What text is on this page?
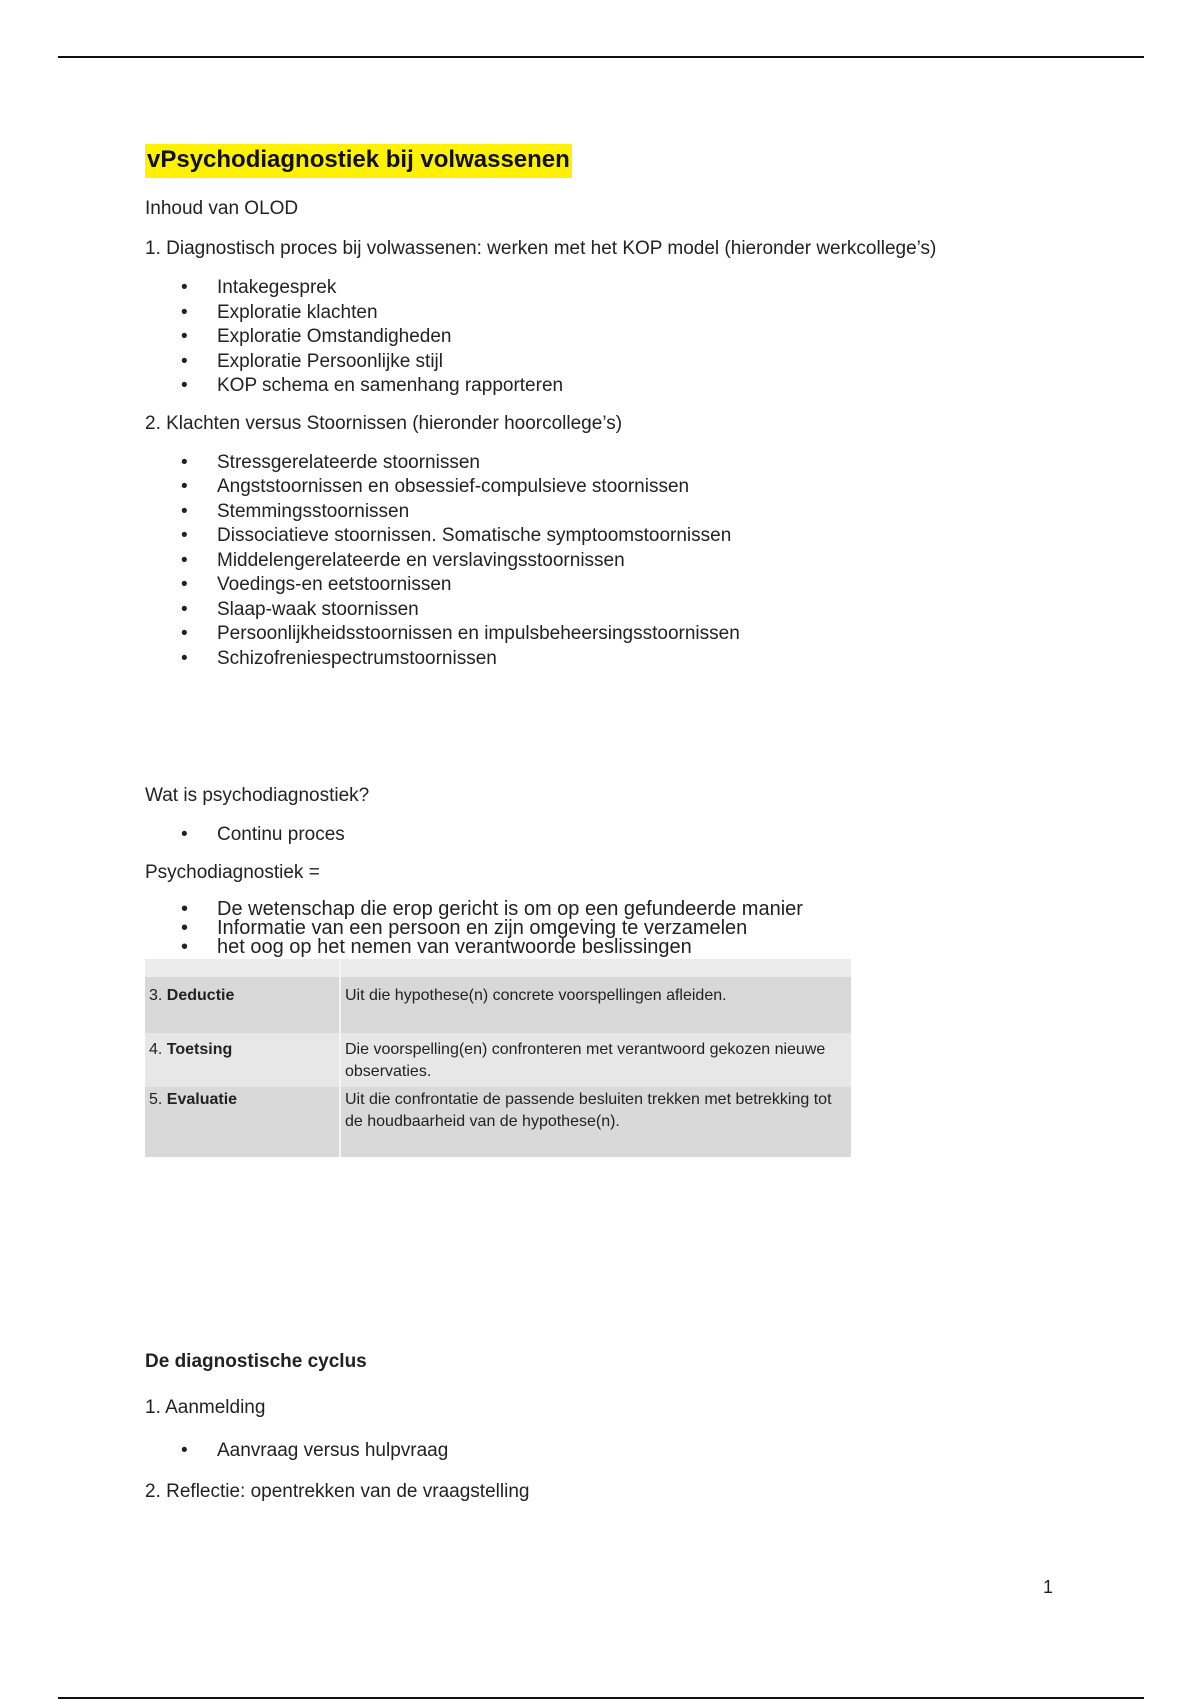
vPsychodiagnostiek bij volwassenen

Inhoud van OLOD

1. Diagnostisch proces bij volwassenen: werken met het KOP model (hieronder werkcollege’s)

• Intakegesprek
• Exploratie klachten
• Exploratie Omstandigheden
• Exploratie Persoonlijke stijl
• KOP schema en samenhang rapporteren

2. Klachten versus Stoornissen (hieronder hoorcollege’s)

• Stressgerelateerde stoornissen
• Angststoornissen en obsessief-compulsieve stoornissen
• Stemmingsstoornissen
• Dissociatieve stoornissen. Somatische symptoomstoornissen
• Middelengerelateerde en verslavingsstoornissen
• Voedings-en eetstoornissen
• Slaap-waak stoornissen
• Persoonlijkheidsstoornissen en impulsbeheersingsstoornissen
• Schizofreniespectrumstoornissen

Wat is psychodiagnostiek?

• Continu proces

Psychodiagnostiek =

• De wetenschap die erop gericht is om op een gefundeerde manier
• Informatie van een persoon en zijn omgeving te verzamelen
• het oog op het nemen van verantwoorde beslissingen

3. Deductie	Uit die hypothese(n) concrete voorspellingen afleiden.
4. Toetsing	Die voorspelling(en) confronteren met verantwoord gekozen nieuwe observaties.
5. Evaluatie	Uit die confrontatie de passende besluiten trekken met betrekking tot de houdbaarheid van de hypothese(n).

De diagnostische cyclus

1. Aanmelding

• Aanvraag versus hulpvraag

2. Reflectie: opentrekken van de vraagstelling

1
